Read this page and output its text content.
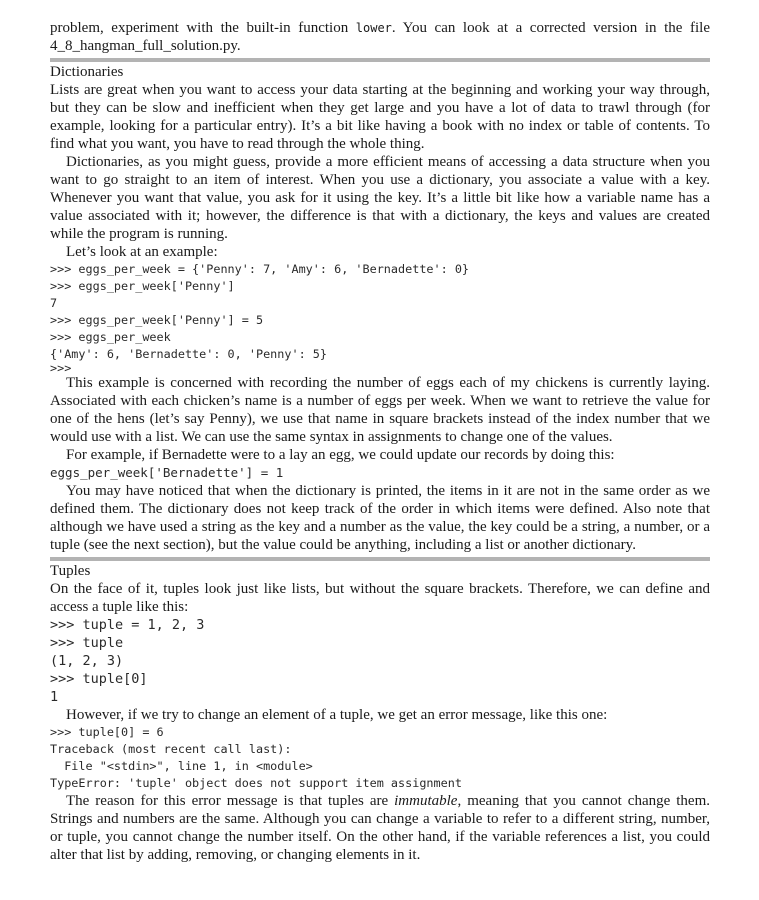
problem, experiment with the built-in function lower. You can look at a corrected version in the file 4_8_hangman_full_solution.py.

Dictionaries

Lists are great when you want to access your data starting at the beginning and working your way through, but they can be slow and inefficient when they get large and you have a lot of data to trawl through (for example, looking for a particular entry). It’s a bit like having a book with no index or table of contents. To find what you want, you have to read through the whole thing.

Dictionaries, as you might guess, provide a more efficient means of accessing a data structure when you want to go straight to an item of interest. When you use a dictionary, you associate a value with a key. Whenever you want that value, you ask for it using the key. It’s a little bit like how a variable name has a value associated with it; however, the difference is that with a dictionary, the keys and values are created while the program is running.

Let’s look at an example:

>>> eggs_per_week = {'Penny': 7, 'Amy': 6, 'Bernadette': 0}
>>> eggs_per_week['Penny']
7
>>> eggs_per_week['Penny'] = 5
>>> eggs_per_week
{'Amy': 6, 'Bernadette': 0, 'Penny': 5}
>>>

This example is concerned with recording the number of eggs each of my chickens is currently laying. Associated with each chicken’s name is a number of eggs per week. When we want to retrieve the value for one of the hens (let’s say Penny), we use that name in square brackets instead of the index number that we would use with a list. We can use the same syntax in assignments to change one of the values.

For example, if Bernadette were to a lay an egg, we could update our records by doing this:

eggs_per_week['Bernadette'] = 1

You may have noticed that when the dictionary is printed, the items in it are not in the same order as we defined them. The dictionary does not keep track of the order in which items were defined. Also note that although we have used a string as the key and a number as the value, the key could be a string, a number, or a tuple (see the next section), but the value could be anything, including a list or another dictionary.

Tuples

On the face of it, tuples look just like lists, but without the square brackets. Therefore, we can define and access a tuple like this:

>>> tuple = 1, 2, 3
>>> tuple
(1, 2, 3)
>>> tuple[0]
1

However, if we try to change an element of a tuple, we get an error message, like this one:

>>> tuple[0] = 6
Traceback (most recent call last):
File "<stdin>", line 1, in <module>
TypeError: 'tuple' object does not support item assignment

The reason for this error message is that tuples are immutable, meaning that you cannot change them. Strings and numbers are the same. Although you can change a variable to refer to a different string, number, or tuple, you cannot change the number itself. On the other hand, if the variable references a list, you could alter that list by adding, removing, or changing elements in it.
